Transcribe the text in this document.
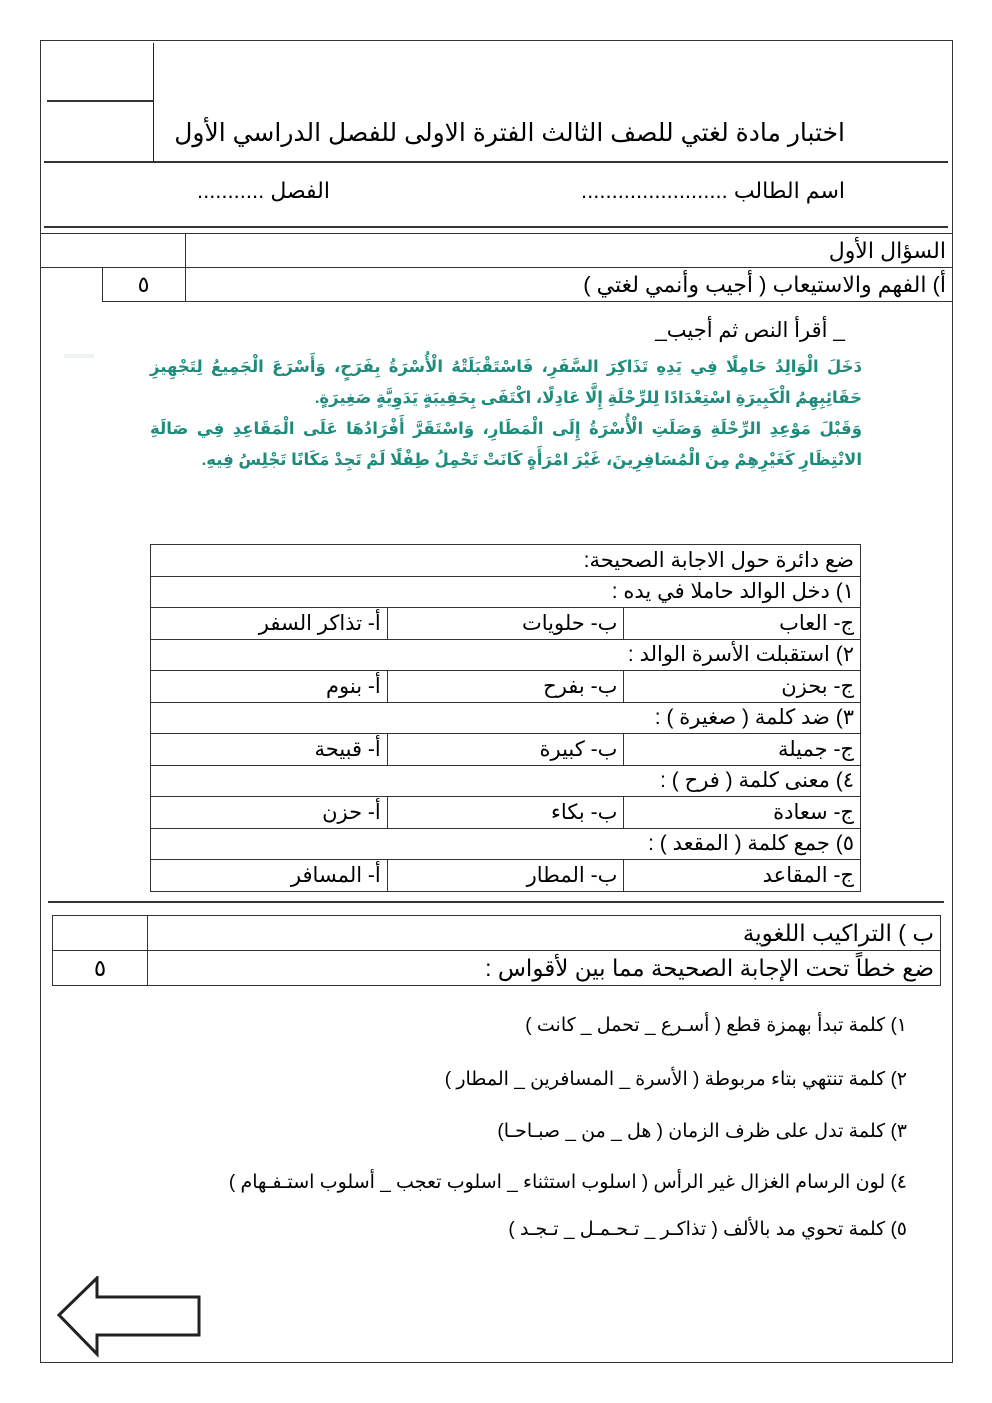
اختبار مادة لغتي للصف الثالث الفترة الاولى للفصل الدراسي الأول
اسم الطالب ........................
الفصل ...........
		السؤال الأول
	٥	أ) الفهم والاستيعاب ( أجيب وأنمي لغتي )
_ أقرأ النص ثم أجيب_

دَخَلَ الْوَالِدُ حَامِلًا فِي يَدِهِ تَذَاكِرَ السَّفَرِ، فَاسْتَقْبَلَتْهُ الْأُسْرَةُ بِفَرَحٍ، وَأَسْرَعَ الْجَمِيعُ لِتَجْهِيزِ حَقَائِبِهِمُ الْكَبِيرَةِ اسْتِعْدَادًا لِلرِّحْلَةِ إِلَّا عَادِلًا، اكْتَفَى بِحَقِيبَةٍ يَدَوِيَّةٍ صَغِيرَةٍ.

وَقَبْلَ مَوْعِدِ الرِّحْلَةِ وَصَلَتِ الْأُسْرَةُ إِلَى الْمَطَارِ، وَاسْتَقَرَّ أَفْرَادُهَا عَلَى الْمَقَاعِدِ فِي صَالَةِ الانْتِظَارِ كَغَيْرِهِمْ مِنَ الْمُسَافِرِينَ، غَيْرَ امْرَأَةٍ كَانَتْ تَحْمِلُ طِفْلًا لَمْ تَجِدْ مَكَانًا تَجْلِسُ فِيهِ.

ضع دائرة حول الاجابة الصحيحة:		
١) دخل الوالد حاملا في يده :		
أ- تذاكر السفر	ب- حلويات	ج- العاب
٢) استقبلت الأسرة الوالد :		
أ- بنوم	ب- بفرح	ج- بحزن
٣) ضد كلمة ( صغيرة ) :		
أ- قبيحة	ب- كبيرة	ج- جميلة
٤) معنى كلمة ( فرح ) :		
أ- حزن	ب- بكاء	ج- سعادة
٥) جمع كلمة ( المقعد ) :		
أ- المسافر	ب- المطار	ج- المقاعد
	ب ) التراكيب اللغوية
٥	ضع خطاً تحت الإجابة الصحيحة مما بين لأقواس :
١) كلمة تبدأ بهمزة قطع ( أسـرع _ تحمل _ كانت )
٢) كلمة تنتهي بتاء مربوطة ( الأسرة _ المسافرين _ المطار )
٣) كلمة تدل على ظرف الزمان ( هل _ من _ صبـاحـا)
٤) لون الرسام الغزال غير الرأس ( اسلوب استثناء _ اسلوب تعجب _ أسلوب استـفـهام )
٥) كلمة تحوي مد بالألف ( تذاكـر _ تـحـمـل _ تـجـد )
